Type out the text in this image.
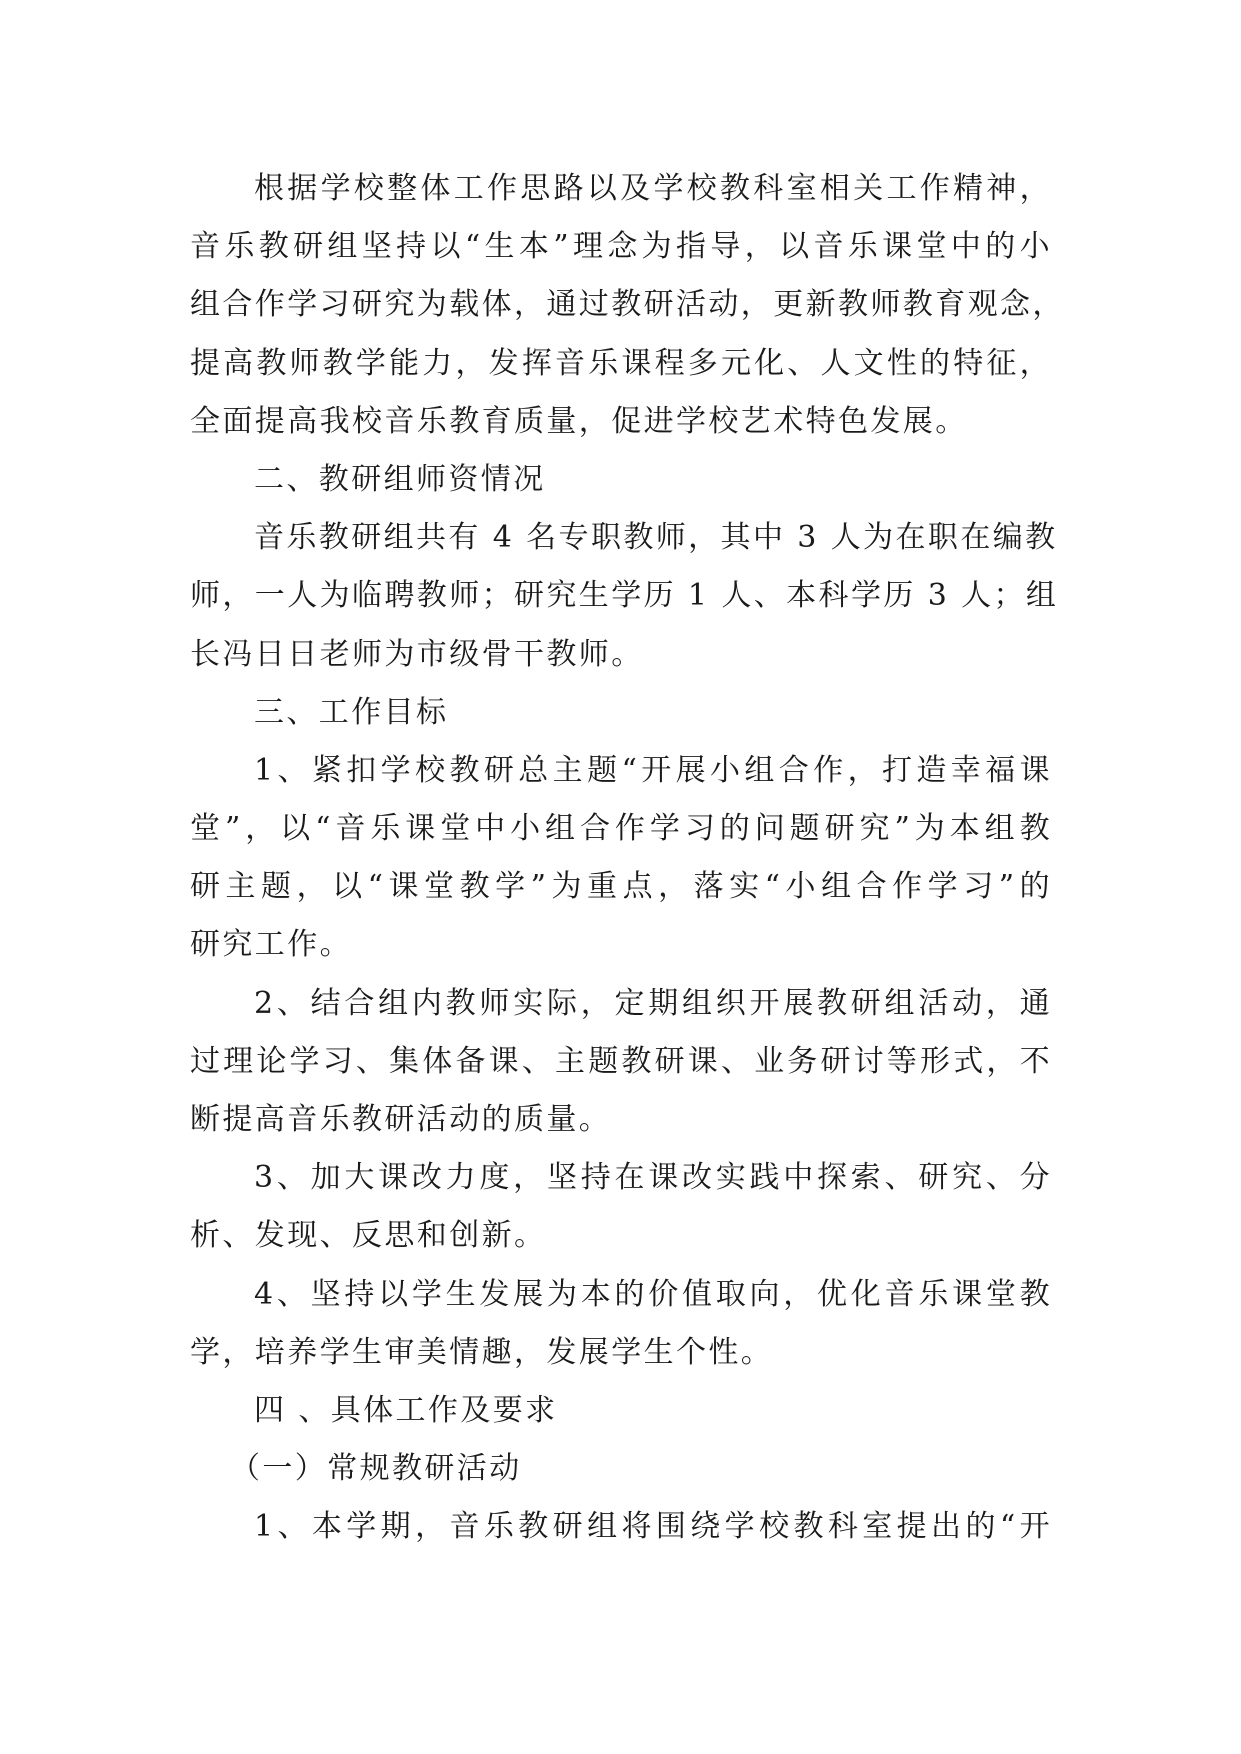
根据学校整体工作思路以及学校教科室相关工作精神，
音乐教研组坚持以“生本”理念为指导，以音乐课堂中的小
组合作学习研究为载体，通过教研活动，更新教师教育观念，
提高教师教学能力，发挥音乐课程多元化、人文性的特征，
全面提高我校音乐教育质量，促进学校艺术特色发展。
二、教研组师资情况
音乐教研组共有 4 名专职教师，其中 3 人为在职在编教
师，一人为临聘教师；研究生学历 1 人、本科学历 3 人；组
长冯日日老师为市级骨干教师。
三、工作目标
1、紧扣学校教研总主题“开展小组合作，打造幸福课
堂”，以“音乐课堂中小组合作学习的问题研究”为本组教
研主题，以“课堂教学”为重点，落实“小组合作学习”的
研究工作。
2、结合组内教师实际，定期组织开展教研组活动，通
过理论学习、集体备课、主题教研课、业务研讨等形式，不
断提高音乐教研活动的质量。
3、加大课改力度，坚持在课改实践中探索、研究、分
析、发现、反思和创新。
4、坚持以学生发展为本的价值取向，优化音乐课堂教
学，培养学生审美情趣，发展学生个性。
四 、具体工作及要求
（一）常规教研活动
1、本学期，音乐教研组将围绕学校教科室提出的“开
